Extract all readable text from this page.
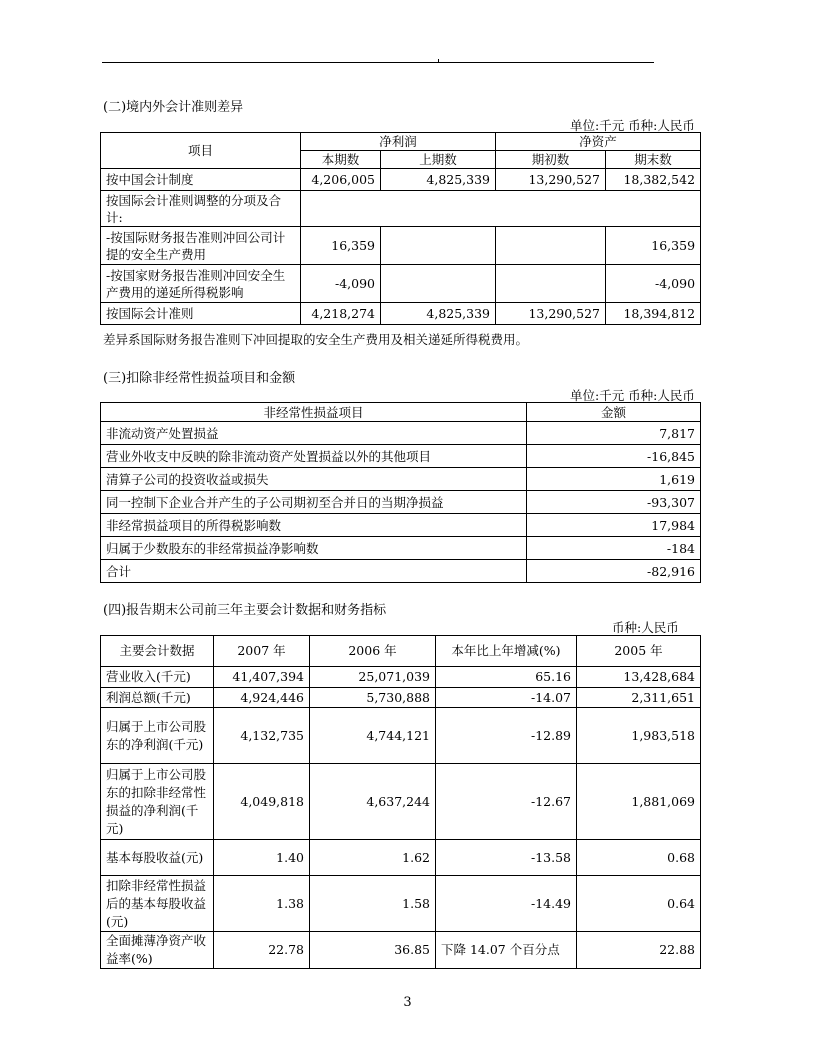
(二)境内外会计准则差异
单位:千元 币种:人民币
项目	净利润		净资产	
	本期数	上期数	期初数	期末数
按中国会计制度	4,206,005	4,825,339	13,290,527	18,382,542
按国际会计准则调整的分项及合计:				
-按国际财务报告准则冲回公司计提的安全生产费用	16,359			16,359
-按国家财务报告准则冲回安全生产费用的递延所得税影响	-4,090			-4,090
按国际会计准则	4,218,274	4,825,339	13,290,527	18,394,812
差异系国际财务报告准则下冲回提取的安全生产费用及相关递延所得税费用。
(三)扣除非经常性损益项目和金额
单位:千元 币种:人民币
非经常性损益项目	金额
非流动资产处置损益	7,817
营业外收支中反映的除非流动资产处置损益以外的其他项目	-16,845
清算子公司的投资收益或损失	1,619
同一控制下企业合并产生的子公司期初至合并日的当期净损益	-93,307
非经常损益项目的所得税影响数	17,984
归属于少数股东的非经常损益净影响数	-184
合计	-82,916
(四)报告期末公司前三年主要会计数据和财务指标
币种:人民币
主要会计数据	2007 年	2006 年	本年比上年增减(%)	2005 年
营业收入(千元)	41,407,394	25,071,039	65.16	13,428,684
利润总额(千元)	4,924,446	5,730,888	-14.07	2,311,651
归属于上市公司股东的净利润(千元)	4,132,735	4,744,121	-12.89	1,983,518
归属于上市公司股东的扣除非经常性损益的净利润(千元)	4,049,818	4,637,244	-12.67	1,881,069
基本每股收益(元)	1.40	1.62	-13.58	0.68
扣除非经常性损益后的基本每股收益(元)	1.38	1.58	-14.49	0.64
全面摊薄净资产收益率(%)	22.78	36.85	下降 14.07 个百分点	22.88
3
